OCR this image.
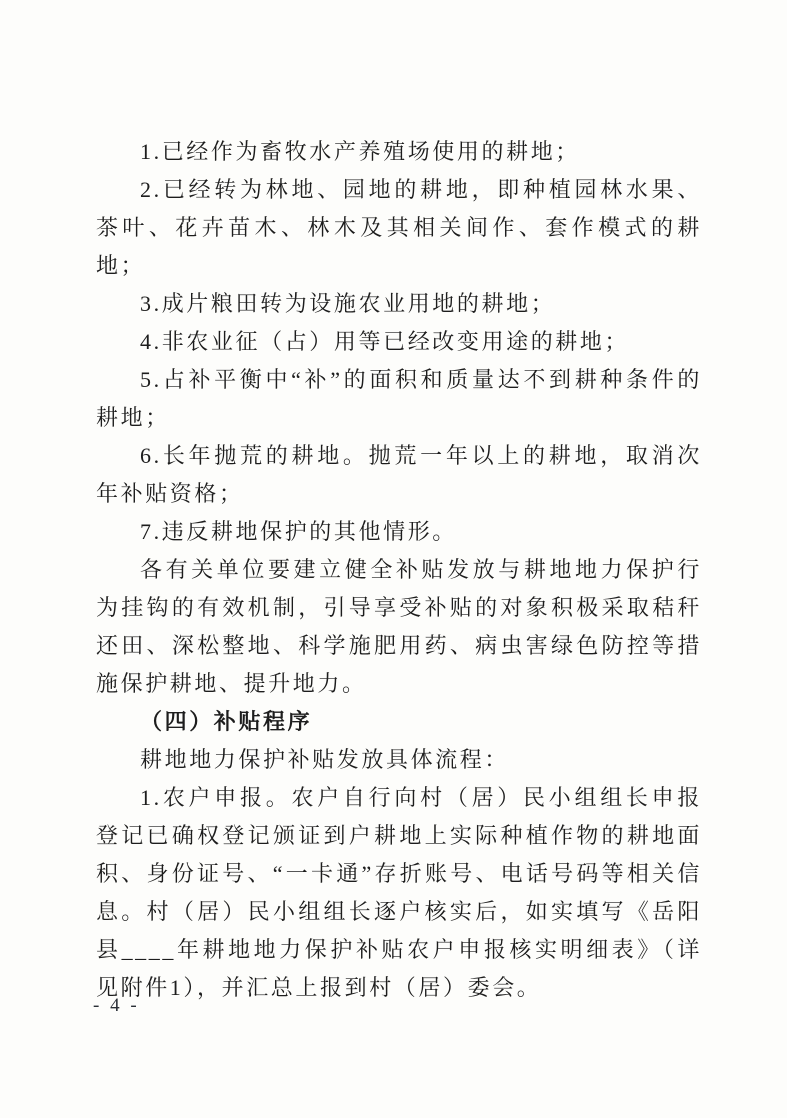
1.已经作为畜牧水产养殖场使用的耕地；

2.已经转为林地、园地的耕地，即种植园林水果、茶叶、花卉苗木、林木及其相关间作、套作模式的耕地；

3.成片粮田转为设施农业用地的耕地；

4.非农业征（占）用等已经改变用途的耕地；

5.占补平衡中“补”的面积和质量达不到耕种条件的耕地；

6.长年抛荒的耕地。抛荒一年以上的耕地，取消次年补贴资格；

7.违反耕地保护的其他情形。

各有关单位要建立健全补贴发放与耕地地力保护行为挂钩的有效机制，引导享受补贴的对象积极采取秸秆还田、深松整地、科学施肥用药、病虫害绿色防控等措施保护耕地、提升地力。

（四）补贴程序

耕地地力保护补贴发放具体流程：

1.农户申报。农户自行向村（居）民小组组长申报登记已确权登记颁证到户耕地上实际种植作物的耕地面积、身份证号、“一卡通”存折账号、电话号码等相关信息。村（居）民小组组长逐户核实后，如实填写《岳阳县____年耕地地力保护补贴农户申报核实明细表》（详见附件1），并汇总上报到村（居）委会。

- 4 -
